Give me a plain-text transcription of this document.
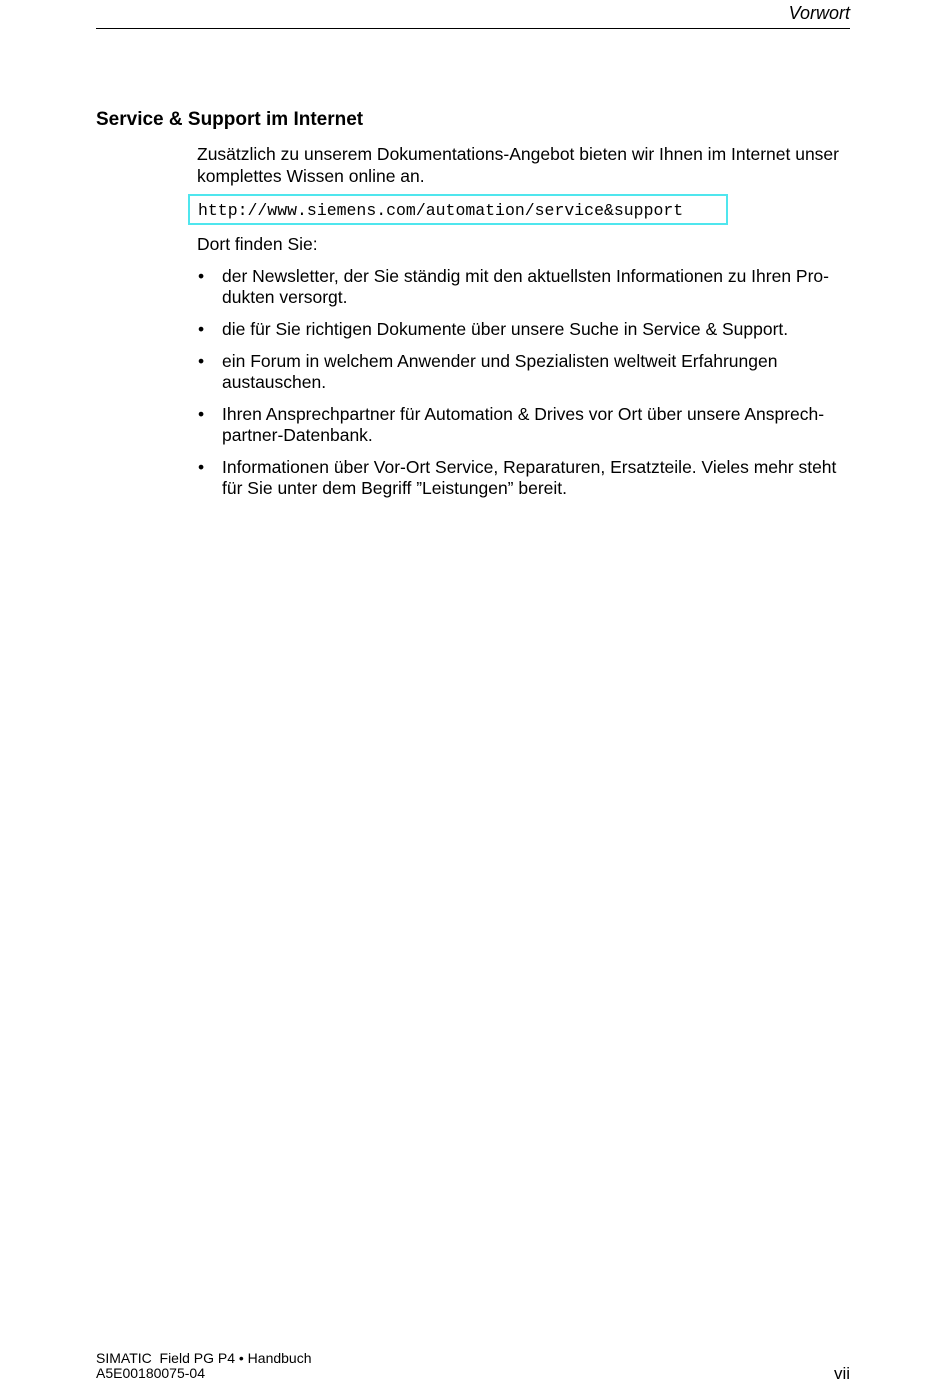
Vorwort
Service & Support im Internet

Zusätzlich zu unserem Dokumentations-Angebot bieten wir Ihnen im Internet unser komplettes Wissen online an.

http://www.siemens.com/automation/service&support

Dort finden Sie:

• der Newsletter, der Sie ständig mit den aktuellsten Informationen zu Ihren Pro-dukten versorgt.
• die für Sie richtigen Dokumente über unsere Suche in Service & Support.
• ein Forum in welchem Anwender und Spezialisten weltweit Erfahrungen austauschen.
• Ihren Ansprechpartner für Automation & Drives vor Ort über unsere Ansprech-partner-Datenbank.
• Informationen über Vor-Ort Service, Reparaturen, Ersatzteile. Vieles mehr steht für Sie unter dem Begriff ”Leistungen” bereit.
SIMATIC  Field PG P4 • Handbuch
A5E00180075-04	vii
